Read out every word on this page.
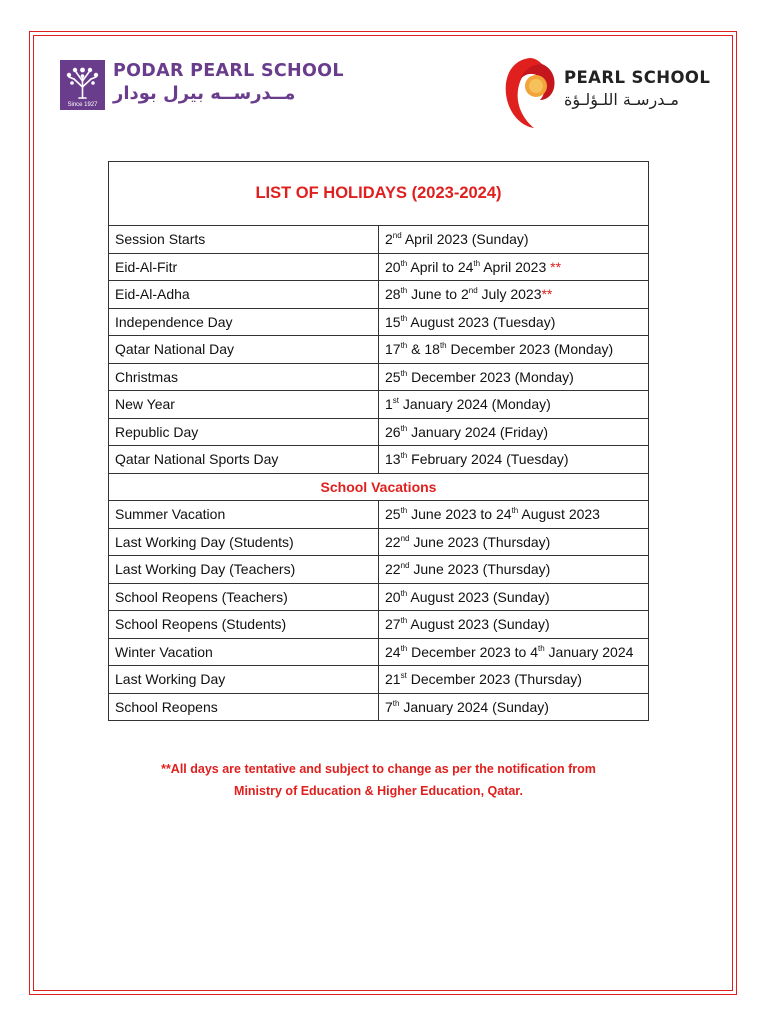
Since 1927
PODAR PEARL SCHOOL
مــدرســه بيرل بودار
PEARL SCHOOL
مـدرسـة اللـؤلـؤة
LIST OF HOLIDAYS (2023-2024)	
Session Starts	2nd April 2023 (Sunday)
Eid-Al-Fitr	20th April to 24th April 2023 **
Eid-Al-Adha	28th June to 2nd July 2023**
Independence Day	15th August 2023 (Tuesday)
Qatar National Day	17th & 18th December 2023 (Monday)
Christmas	25th December 2023 (Monday)
New Year	1st January 2024 (Monday)
Republic Day	26th January 2024 (Friday)
Qatar National Sports Day	13th February 2024 (Tuesday)
School Vacations	
Summer Vacation	25th June 2023 to 24th August 2023
Last Working Day (Students)	22nd June 2023 (Thursday)
Last Working Day (Teachers)	22nd June 2023 (Thursday)
School Reopens (Teachers)	20th August 2023 (Sunday)
School Reopens (Students)	27th August 2023 (Sunday)
Winter Vacation	24th December 2023 to 4th January 2024
Last Working Day	21st December 2023 (Thursday)
School Reopens	7th January 2024 (Sunday)
**All days are tentative and subject to change as per the notification from
Ministry of Education & Higher Education, Qatar.
